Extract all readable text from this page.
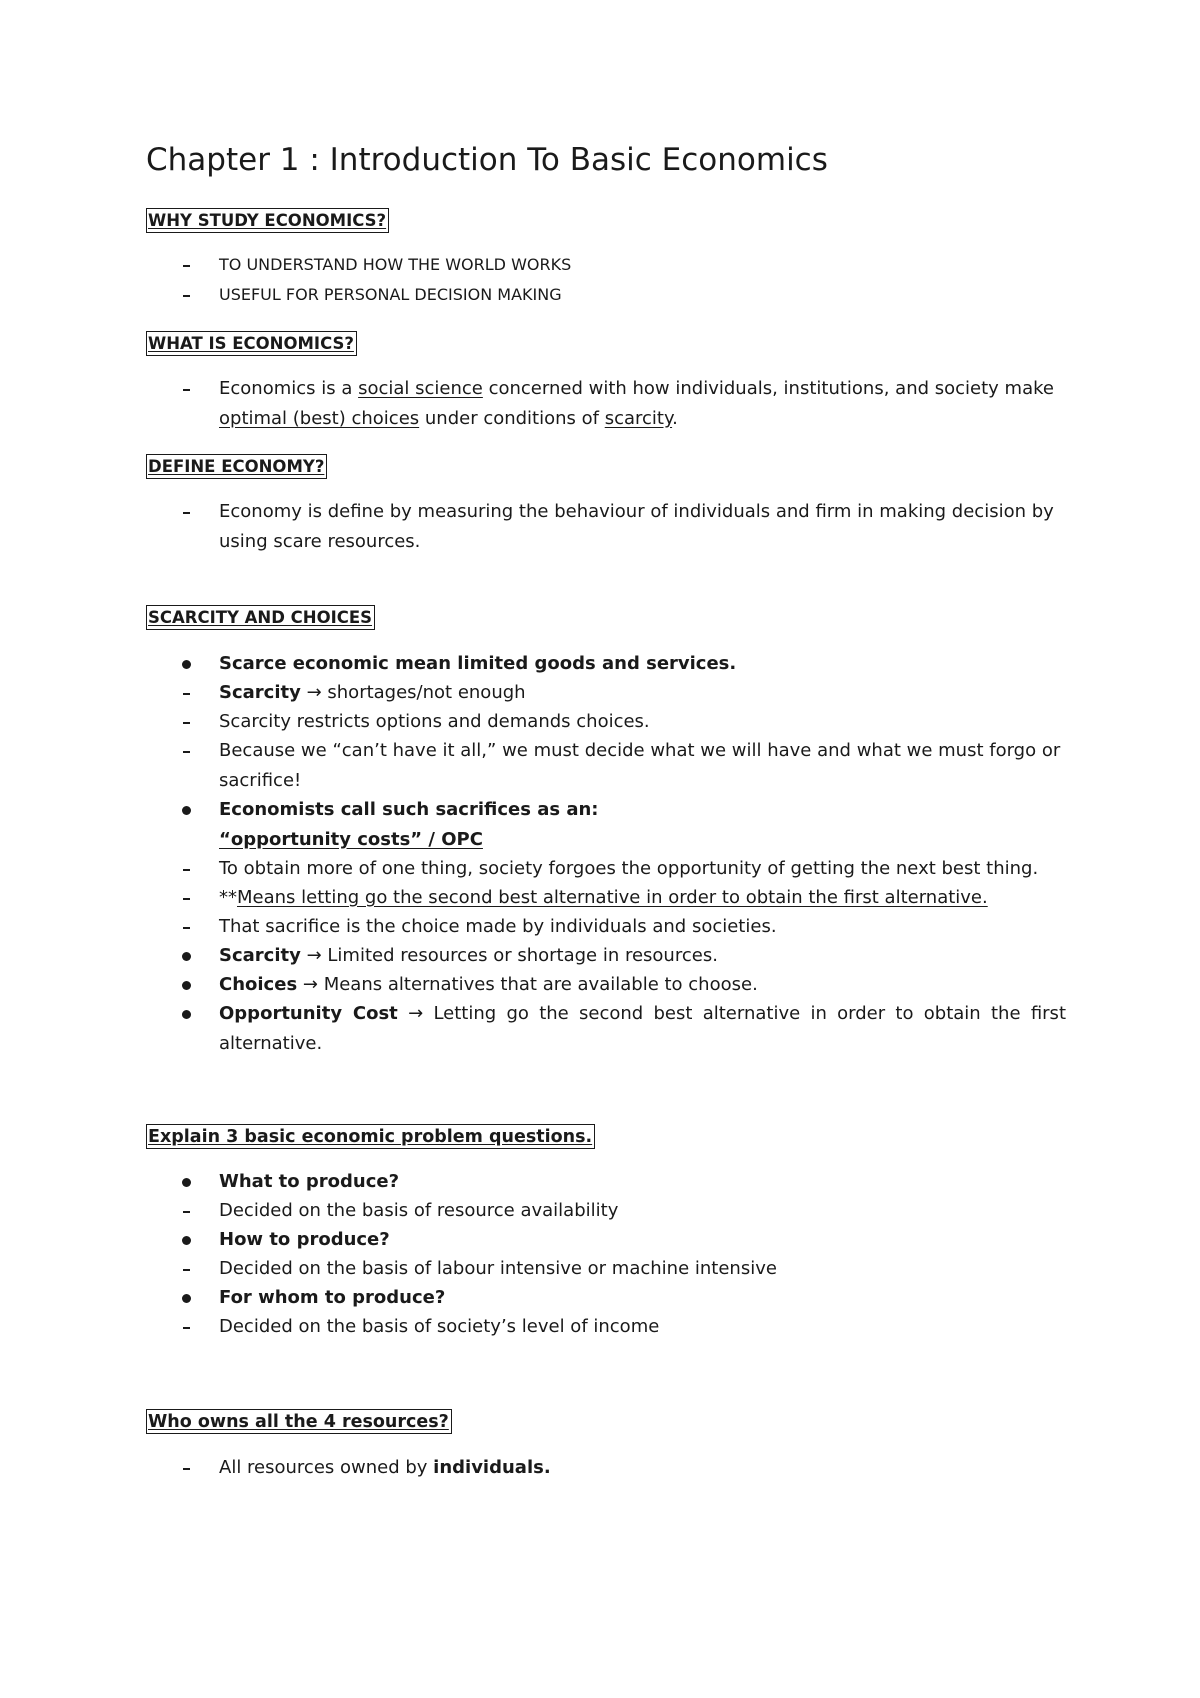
Chapter 1 : Introduction To Basic Economics
WHY STUDY ECONOMICS?
TO UNDERSTAND HOW THE WORLD WORKS
USEFUL FOR PERSONAL DECISION MAKING
WHAT IS ECONOMICS?
Economics is a social science concerned with how individuals, institutions, and society make
optimal (best) choices under conditions of scarcity.
DEFINE ECONOMY?
Economy is define by measuring the behaviour of individuals and firm in making decision by
using scare resources.
SCARCITY AND CHOICES
Scarce economic mean limited goods and services.
Scarcity → shortages/not enough
Scarcity restricts options and demands choices.
Because we “can’t have it all,” we must decide what we will have and what we must forgo or
sacrifice!
Economists call such sacrifices as an:
“opportunity costs” / OPC
To obtain more of one thing, society forgoes the opportunity of getting the next best thing.
**Means letting go the second best alternative in order to obtain the first alternative.
That sacrifice is the choice made by individuals and societies.
Scarcity → Limited resources or shortage in resources.
Choices → Means alternatives that are available to choose.
Opportunity Cost → Letting go the second best alternative in order to obtain the first
alternative.
Explain 3 basic economic problem questions.
What to produce?
Decided on the basis of resource availability
How to produce?
Decided on the basis of labour intensive or machine intensive
For whom to produce?
Decided on the basis of society’s level of income
Who owns all the 4 resources?
All resources owned by individuals.
